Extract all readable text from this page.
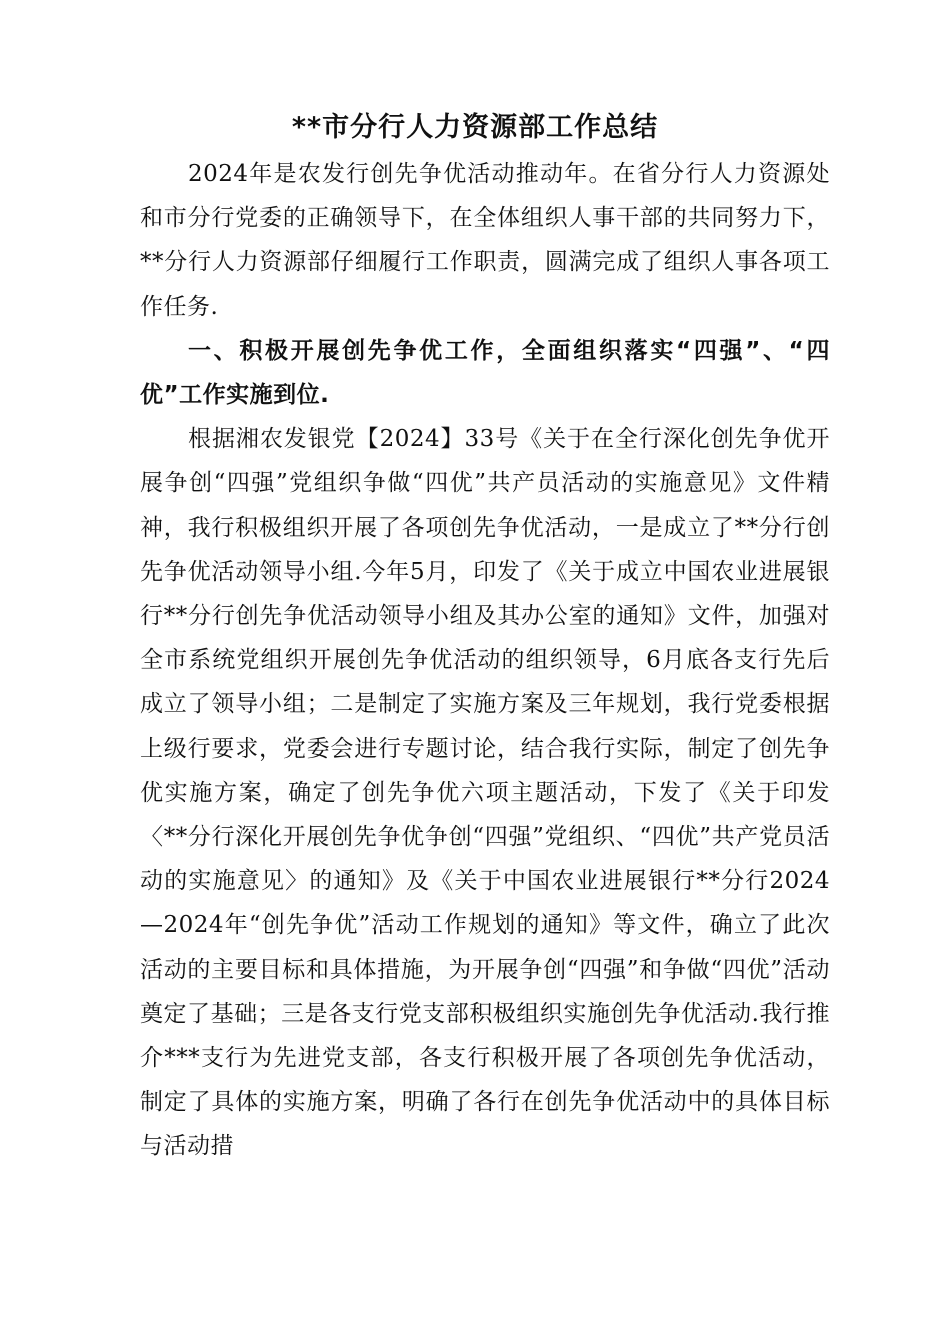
**市分行人力资源部工作总结

2024年是农发行创先争优活动推动年。在省分行人力资源处和市分行党委的正确领导下，在全体组织人事干部的共同努力下，**分行人力资源部仔细履行工作职责，圆满完成了组织人事各项工作任务.

一、积极开展创先争优工作，全面组织落实“四强”、“四优”工作实施到位.

根据湘农发银党【2024】33号《关于在全行深化创先争优开展争创“四强”党组织争做“四优”共产员活动的实施意见》文件精神，我行积极组织开展了各项创先争优活动，一是成立了**分行创先争优活动领导小组.今年5月，印发了《关于成立中国农业进展银行**分行创先争优活动领导小组及其办公室的通知》文件，加强对全市系统党组织开展创先争优活动的组织领导，6月底各支行先后成立了领导小组；二是制定了实施方案及三年规划，我行党委根据上级行要求，党委会进行专题讨论，结合我行实际，制定了创先争优实施方案，确定了创先争优六项主题活动，下发了《关于印发〈**分行深化开展创先争优争创“四强”党组织、“四优”共产党员活动的实施意见〉的通知》及《关于中国农业进展银行**分行2024—2024年“创先争优”活动工作规划的通知》等文件，确立了此次活动的主要目标和具体措施，为开展争创“四强”和争做“四优”活动奠定了基础；三是各支行党支部积极组织实施创先争优活动.我行推介***支行为先进党支部，各支行积极开展了各项创先争优活动，制定了具体的实施方案，明确了各行在创先争优活动中的具体目标与活动措
